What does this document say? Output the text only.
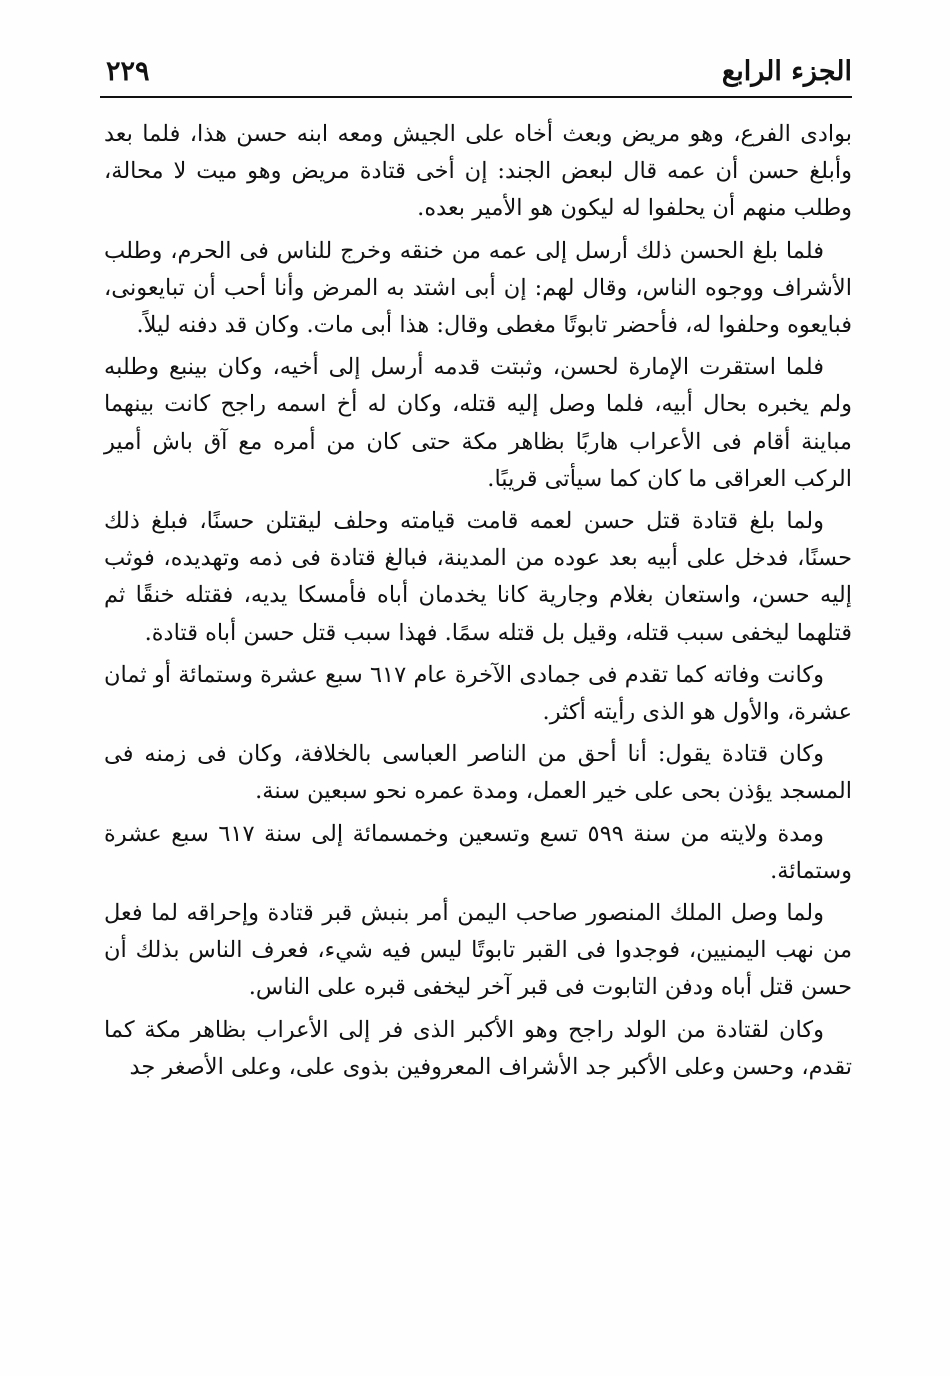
الجزء الرابع
٢٢٩

بوادى الفرع، وهو مريض وبعث أخاه على الجيش ومعه ابنه حسن هذا، فلما بعد وأبلغ حسن أن عمه قال لبعض الجند: إن أخى قتادة مريض وهو ميت لا محالة، وطلب منهم أن يحلفوا له ليكون هو الأمير بعده.

فلما بلغ الحسن ذلك أرسل إلى عمه من خنقه وخرج للناس فى الحرم، وطلب الأشراف ووجوه الناس، وقال لهم: إن أبى اشتد به المرض وأنا أحب أن تبايعونى، فبايعوه وحلفوا له، فأحضر تابوتًا مغطى وقال: هذا أبى مات. وكان قد دفنه ليلاً.

فلما استقرت الإمارة لحسن، وثبتت قدمه أرسل إلى أخيه، وكان بينبع وطلبه ولم يخبره بحال أبيه، فلما وصل إليه قتله، وكان له أخ اسمه راجح كانت بينهما مباينة أقام فى الأعراب هاربًا بظاهر مكة حتى كان من أمره مع آق باش أمير الركب العراقى ما كان كما سيأتى قريبًا.

ولما بلغ قتادة قتل حسن لعمه قامت قيامته وحلف ليقتلن حسنًا، فبلغ ذلك حسنًا، فدخل على أبيه بعد عوده من المدينة، فبالغ قتادة فى ذمه وتهديده، فوثب إليه حسن، واستعان بغلام وجارية كانا يخدمان أباه فأمسكا يديه، فقتله خنقًا ثم قتلهما ليخفى سبب قتله، وقيل بل قتله سمًا. فهذا سبب قتل حسن أباه قتادة.

وكانت وفاته كما تقدم فى جمادى الآخرة عام ٦١٧ سبع عشرة وستمائة أو ثمان عشرة، والأول هو الذى رأيته أكثر.

وكان قتادة يقول: أنا أحق من الناصر العباسى بالخلافة، وكان فى زمنه فى المسجد يؤذن بحى على خير العمل، ومدة عمره نحو سبعين سنة.

ومدة ولايته من سنة ٥٩٩ تسع وتسعين وخمسمائة إلى سنة ٦١٧ سبع عشرة وستمائة.

ولما وصل الملك المنصور صاحب اليمن أمر بنبش قبر قتادة وإحراقه لما فعل من نهب اليمنيين، فوجدوا فى القبر تابوتًا ليس فيه شيء، فعرف الناس بذلك أن حسن قتل أباه ودفن التابوت فى قبر آخر ليخفى قبره على الناس.

وكان لقتادة من الولد راجح وهو الأكبر الذى فر إلى الأعراب بظاهر مكة كما تقدم، وحسن وعلى الأكبر جد الأشراف المعروفين بذوى على، وعلى الأصغر جد
